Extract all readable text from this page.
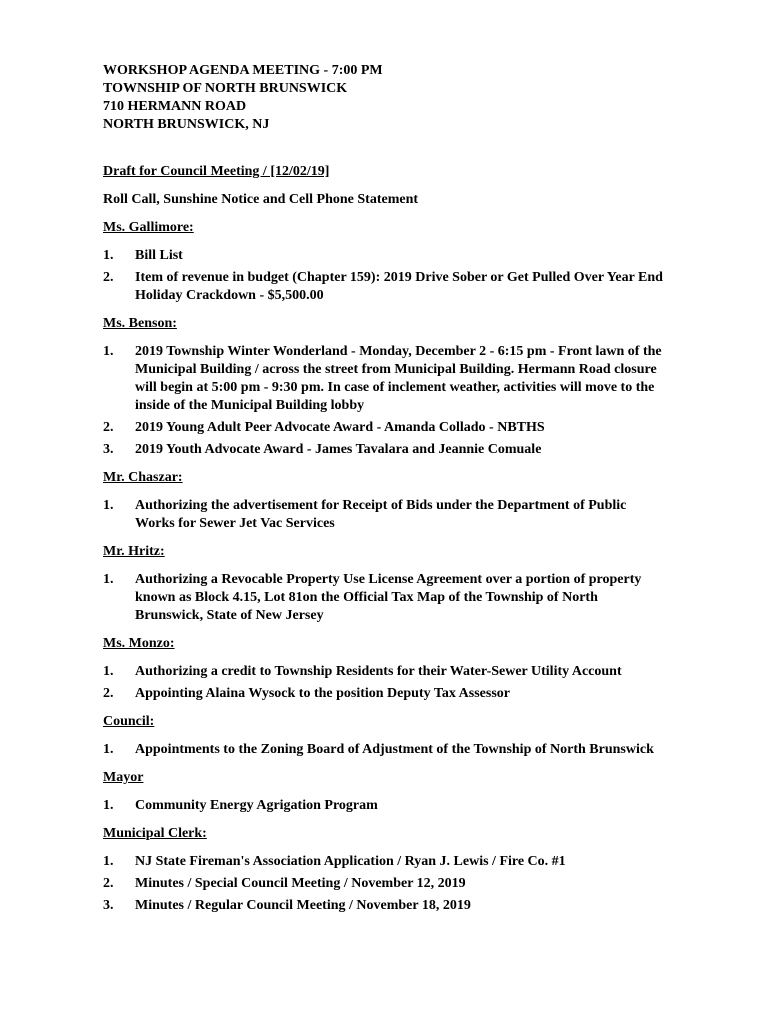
WORKSHOP AGENDA MEETING - 7:00 PM
TOWNSHIP OF NORTH BRUNSWICK
710 HERMANN ROAD
NORTH BRUNSWICK, NJ
Draft for Council Meeting / [12/02/19]
Roll Call, Sunshine Notice and Cell Phone Statement
Ms. Gallimore:
1.	Bill List
2.	Item of revenue in budget (Chapter 159): 2019 Drive Sober or Get Pulled Over Year End Holiday Crackdown - $5,500.00
Ms. Benson:
1.	2019 Township Winter Wonderland - Monday, December 2 - 6:15 pm - Front lawn of the Municipal Building / across the street from Municipal Building. Hermann Road closure will begin at 5:00 pm - 9:30 pm. In case of inclement weather, activities will move to the inside of the Municipal Building lobby
2.	2019 Young Adult Peer Advocate Award - Amanda Collado - NBTHS
3.	2019 Youth Advocate Award - James Tavalara and Jeannie Comuale
Mr. Chaszar:
1.	Authorizing the advertisement for Receipt of Bids under the Department of Public Works for Sewer Jet Vac Services
Mr. Hritz:
1.	Authorizing a Revocable Property Use License Agreement over a portion of property known as Block 4.15, Lot 81on the Official Tax Map of the Township of North Brunswick, State of New Jersey
Ms. Monzo:
1.	Authorizing a credit to Township Residents for their Water-Sewer Utility Account
2.	Appointing Alaina Wysock to the position Deputy Tax Assessor
Council:
1.	Appointments to the Zoning Board of Adjustment of the Township of North Brunswick
Mayor
1.	Community Energy Agrigation Program
Municipal Clerk:
1.	NJ State Fireman's Association Application / Ryan J. Lewis / Fire Co. #1
2.	Minutes / Special Council Meeting / November 12, 2019
3.	Minutes / Regular Council Meeting / November 18, 2019
